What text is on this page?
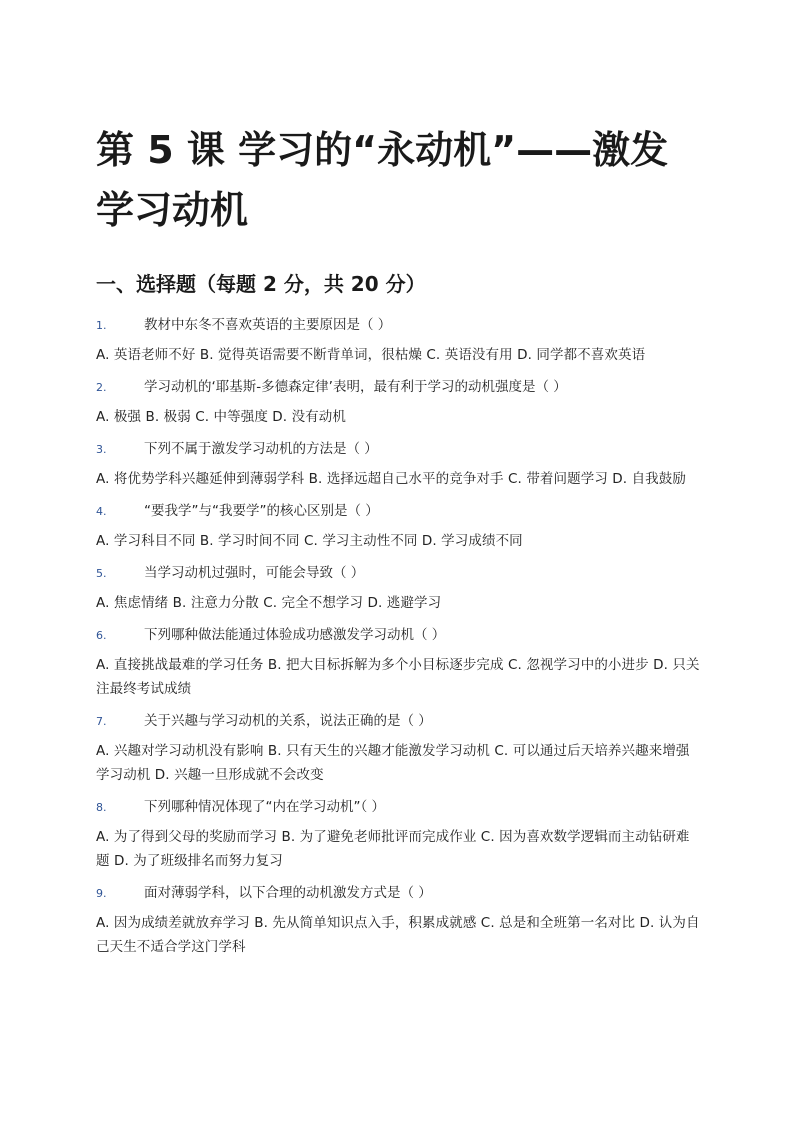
第 5 课 学习的“永动机”——激发学习动机
一、选择题（每题 2 分，共 20 分）
1.	教材中东冬不喜欢英语的主要原因是（ ）
A. 英语老师不好 B. 觉得英语需要不断背单词，很枯燥 C. 英语没有用 D. 同学都不喜欢英语
2.	学习动机的‘耶基斯-多德森定律’表明，最有利于学习的动机强度是（ ）
A. 极强 B. 极弱 C. 中等强度 D. 没有动机
3.	下列不属于激发学习动机的方法是（ ）
A. 将优势学科兴趣延伸到薄弱学科 B. 选择远超自己水平的竞争对手 C. 带着问题学习 D. 自我鼓励
4.	“要我学”与“我要学”的核心区别是（ ）
A. 学习科目不同 B. 学习时间不同 C. 学习主动性不同 D. 学习成绩不同
5.	当学习动机过强时，可能会导致（ ）
A. 焦虑情绪 B. 注意力分散 C. 完全不想学习 D. 逃避学习
6.	下列哪种做法能通过体验成功感激发学习动机（ ）
A. 直接挑战最难的学习任务 B. 把大目标拆解为多个小目标逐步完成 C. 忽视学习中的小进步 D. 只关注最终考试成绩
7.	关于兴趣与学习动机的关系，说法正确的是（ ）
A. 兴趣对学习动机没有影响 B. 只有天生的兴趣才能激发学习动机 C. 可以通过后天培养兴趣来增强学习动机 D. 兴趣一旦形成就不会改变
8.	下列哪种情况体现了“内在学习动机”（ ）
A. 为了得到父母的奖励而学习 B. 为了避免老师批评而完成作业 C. 因为喜欢数学逻辑而主动钻研难题 D. 为了班级排名而努力复习
9.	面对薄弱学科，以下合理的动机激发方式是（ ）
A. 因为成绩差就放弃学习 B. 先从简单知识点入手，积累成就感 C. 总是和全班第一名对比 D. 认为自己天生不适合学这门学科
